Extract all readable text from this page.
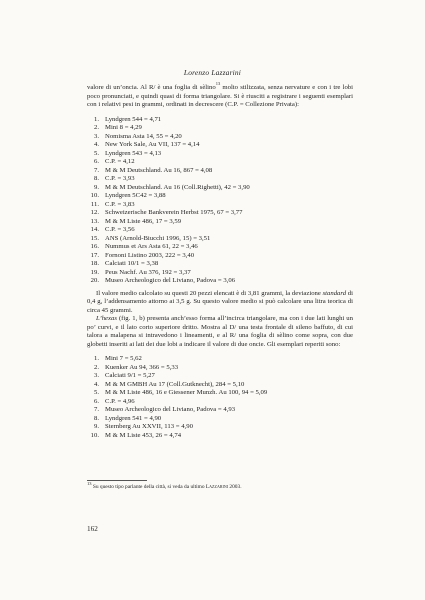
Lorenzo Lazzarini

valore di un’oncia. Al R/ è una foglia di sèlino$^{13}$ molto stilizzata, senza nervature e con i tre lobi poco pronunciati, e quindi quasi di forma triangolare. Si è riusciti a registrare i seguenti esemplari con i relativi pesi in grammi, ordinati in decrescere (C.P. = Collezione Privata):

1. Lyndgren 544 = 4,71
2. Mini 8 = 4,29
3. Nomisma Asta 14, 55 = 4,20
4. New York Sale, Au VII, 137 = 4,14
5. Lyndgren 543 = 4,13
6. C.P. = 4,12
7. M & M Deutschland. Au 16, 867 = 4,08
8. C.P. = 3,93
9. M & M Deutschland. Au 16 (Coll.Righetti), 42 = 3,90
10. Lyndgren 5C42 = 3,88
11. C.P. = 3,83
12. Schweizerische Bankverein Herbst 1975, 67 = 3,77
13. M & M Liste 486, 17 = 3,59
14. C.P. = 3,56
15. ANS (Arnold-Biucchi 1996, 15) = 3,51
16. Nummus et Ars Asta 61, 22 = 3,46
17. Fornoni Listino 2003, 222 = 3,40
18. Calciati 10/1 = 3,38
19. Peus Nachf. Au 376, 192 = 3,37
20. Museo Archeologico del Liviano, Padova = 3,06

Il valore medio calcolato su questi 20 pezzi elencati è di 3,81 grammi, la deviazione standard di 0,4 g, l’addensamento attorno ai 3,5 g. Su questo valore medio si può calcolare una litra teorica di circa 45 grammi.

L’hexas (fig. 1, b) presenta anch’esso forma all’incirca triangolare, ma con i due lati lunghi un po’ curvi, e il lato corto superiore dritto. Mostra al D/ una testa frontale di sileno baffuto, di cui talora a malapena si intravedono i lineamenti, e al R/ una foglia di sèlino come sopra, con due globetti inseriti ai lati dei due lobi a indicare il valore di due oncie. Gli esemplari reperiti sono:

1. Mini 7 = 5,62
2. Kuenker Au 94, 366 = 5,33
3. Calciati 9/1 = 5,27
4. M & M GMBH Au 17 (Coll.Gutknecht), 284 = 5,10
5. M & M Liste 486, 16 e Giessener Munzh. Au 100, 94 = 5,09
6. C.P. = 4,96
7. Museo Archeologico del Liviano, Padova = 4,93
8. Lyndgren 541 = 4,90
9. Sternberg Au XXVII, 113 = 4,90
10. M & M Liste 453, 26 = 4,74
$^{13}$ Su questo tipo parlante della città, si veda da ultimo Lazzarini 2003.
162
